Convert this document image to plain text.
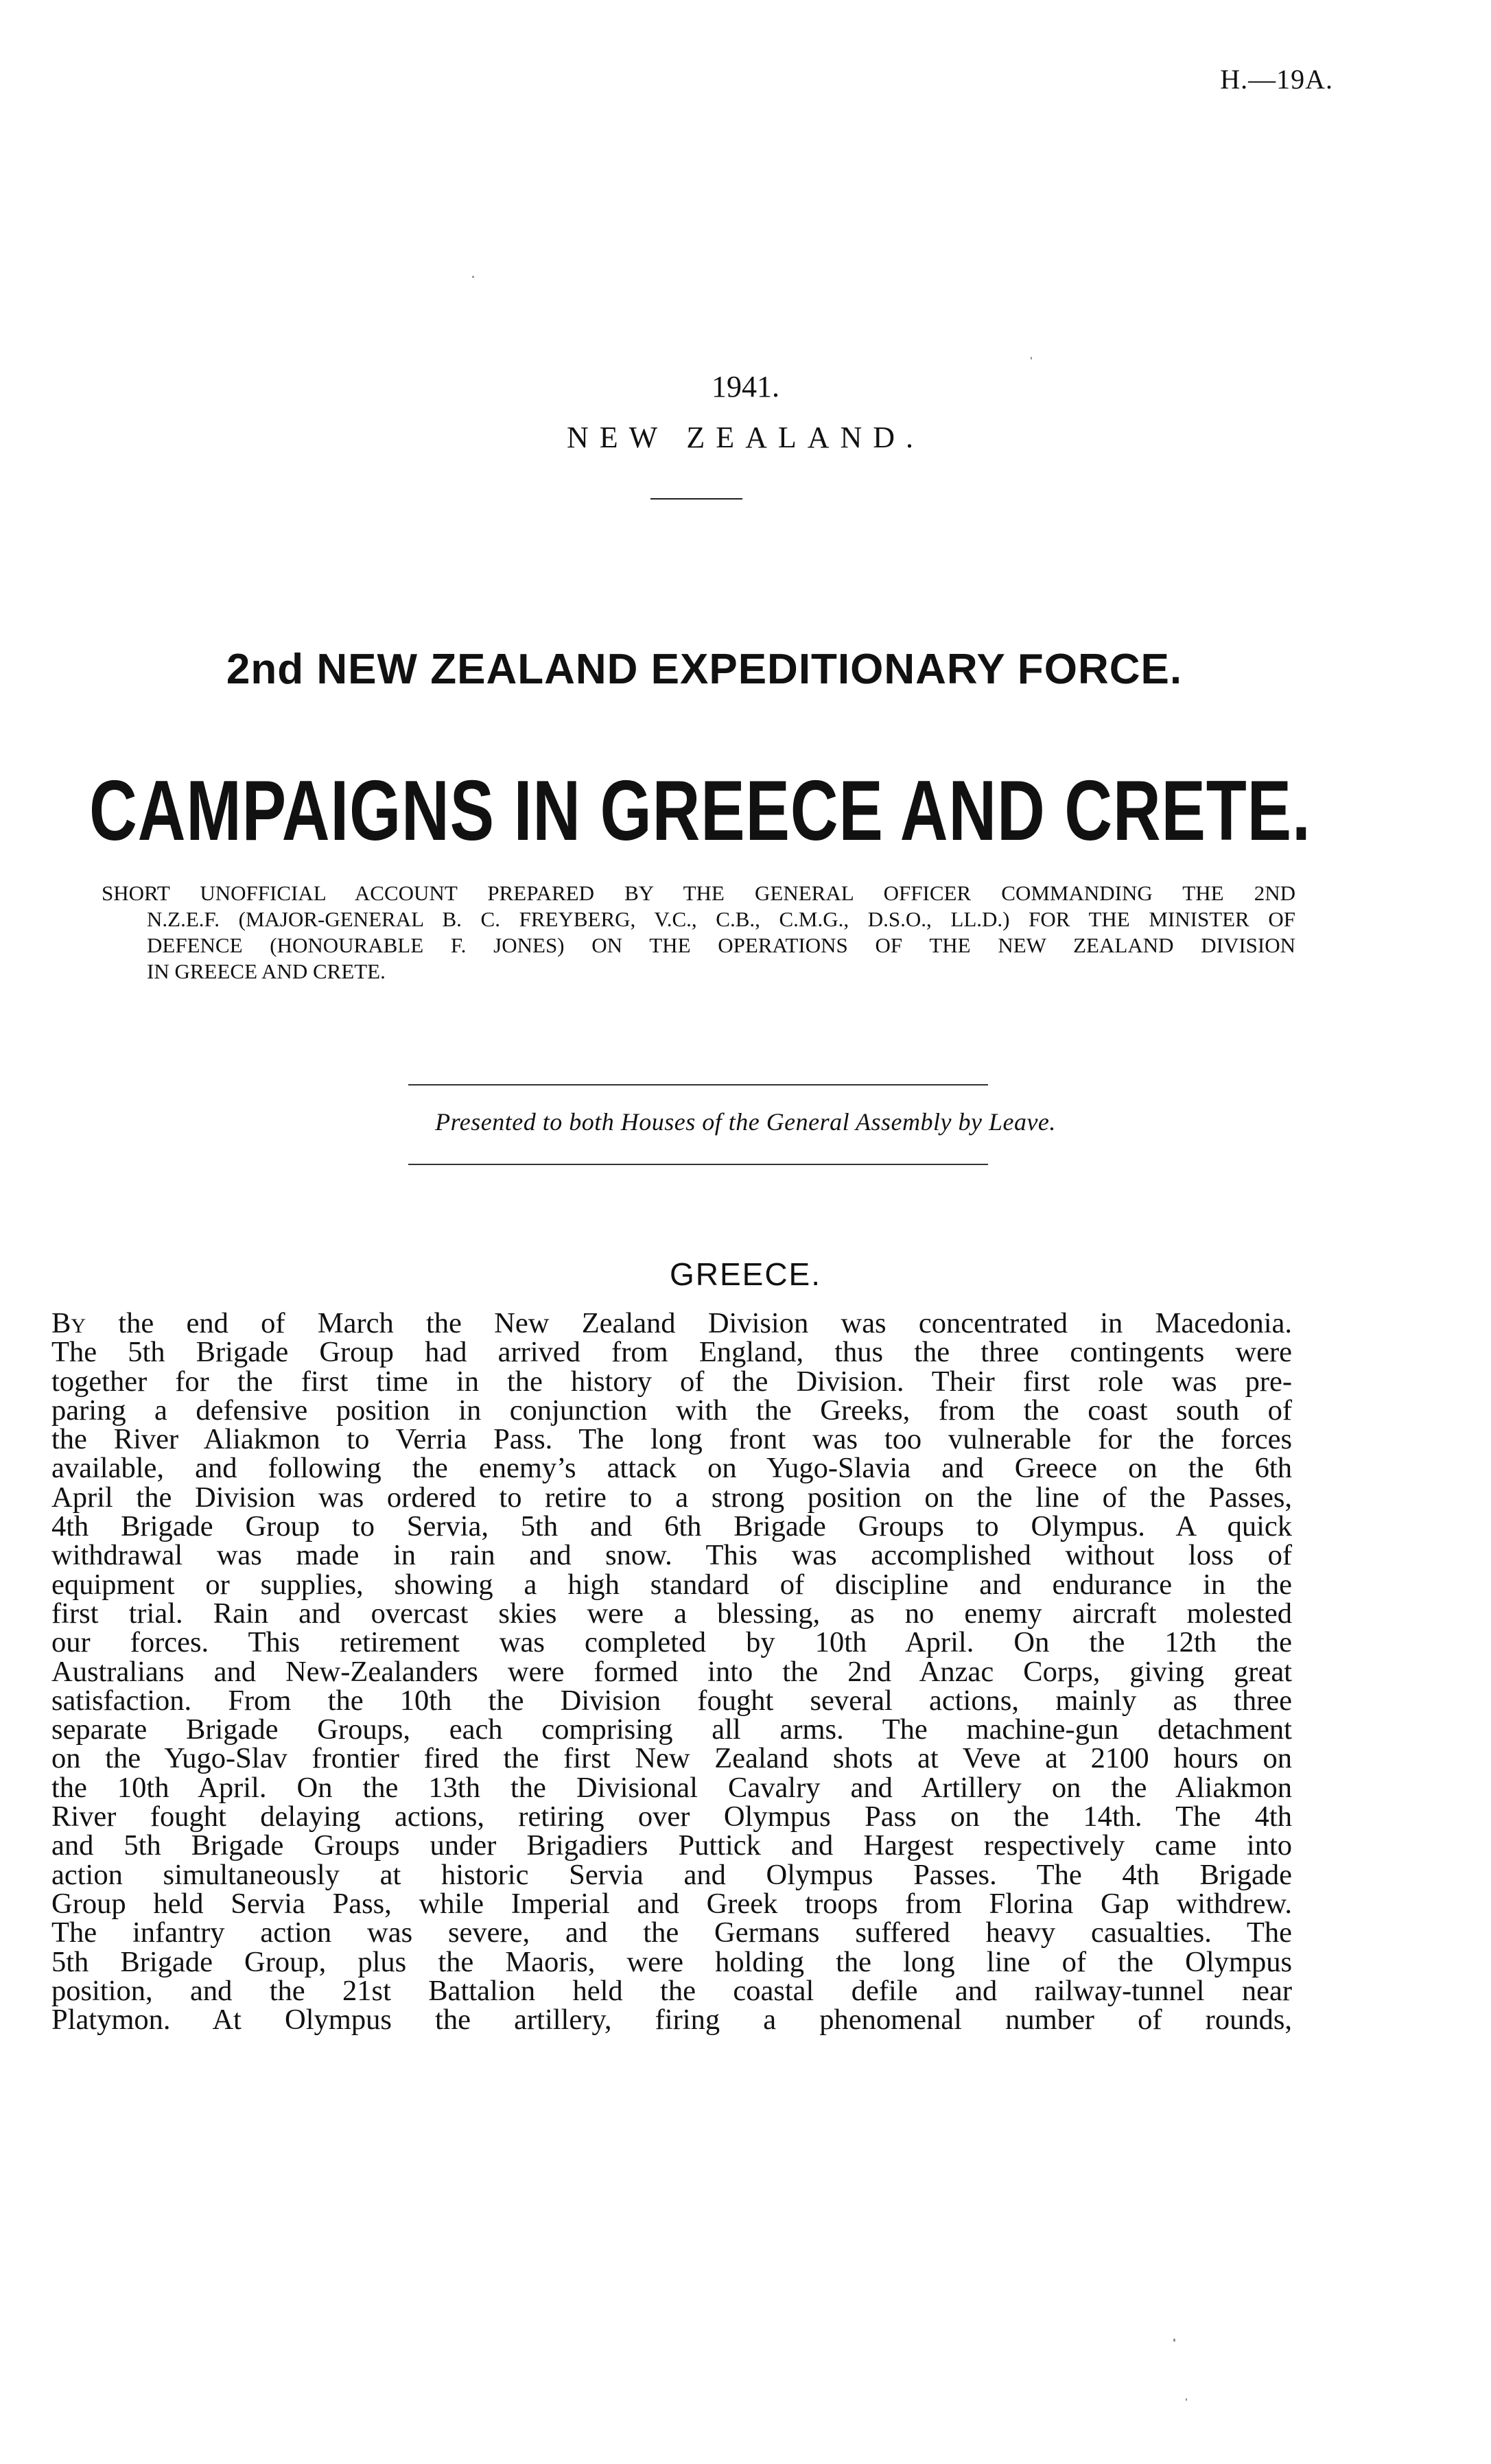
H.—19A.
1941.
NEW ZEALAND.
2nd NEW ZEALAND EXPEDITIONARY FORCE.
CAMPAIGNS IN GREECE AND CRETE.
SHORT UNOFFICIAL ACCOUNT PREPARED BY THE GENERAL OFFICER COMMANDING THE 2ND
N.Z.E.F. (MAJOR-GENERAL B. C. FREYBERG, V.C., C.B., C.M.G., D.S.O., LL.D.) FOR THE MINISTER OF
DEFENCE (HONOURABLE F. JONES) ON THE OPERATIONS OF THE NEW ZEALAND DIVISION
IN GREECE AND CRETE.
Presented to both Houses of the General Assembly by Leave.
GREECE.
By the end of March the New Zealand Division was concentrated in Macedonia.
The 5th Brigade Group had arrived from England, thus the three contingents were
together for the first time in the history of the Division. Their first role was pre-
paring a defensive position in conjunction with the Greeks, from the coast south of
the River Aliakmon to Verria Pass. The long front was too vulnerable for the forces
available, and following the enemy’s attack on Yugo-Slavia and Greece on the 6th
April the Division was ordered to retire to a strong position on the line of the Passes,
4th Brigade Group to Servia, 5th and 6th Brigade Groups to Olympus. A quick
withdrawal was made in rain and snow. This was accomplished without loss of
equipment or supplies, showing a high standard of discipline and endurance in the
first trial. Rain and overcast skies were a blessing, as no enemy aircraft molested
our forces. This retirement was completed by 10th April. On the 12th the
Australians and New-Zealanders were formed into the 2nd Anzac Corps, giving great
satisfaction. From the 10th the Division fought several actions, mainly as three
separate Brigade Groups, each comprising all arms. The machine-gun detachment
on the Yugo-Slav frontier fired the first New Zealand shots at Veve at 2100 hours on
the 10th April. On the 13th the Divisional Cavalry and Artillery on the Aliakmon
River fought delaying actions, retiring over Olympus Pass on the 14th. The 4th
and 5th Brigade Groups under Brigadiers Puttick and Hargest respectively came into
action simultaneously at historic Servia and Olympus Passes. The 4th Brigade
Group held Servia Pass, while Imperial and Greek troops from Florina Gap withdrew.
The infantry action was severe, and the Germans suffered heavy casualties. The
5th Brigade Group, plus the Maoris, were holding the long line of the Olympus
position, and the 21st Battalion held the coastal defile and railway-tunnel near
Platymon. At Olympus the artillery, firing a phenomenal number of rounds,
